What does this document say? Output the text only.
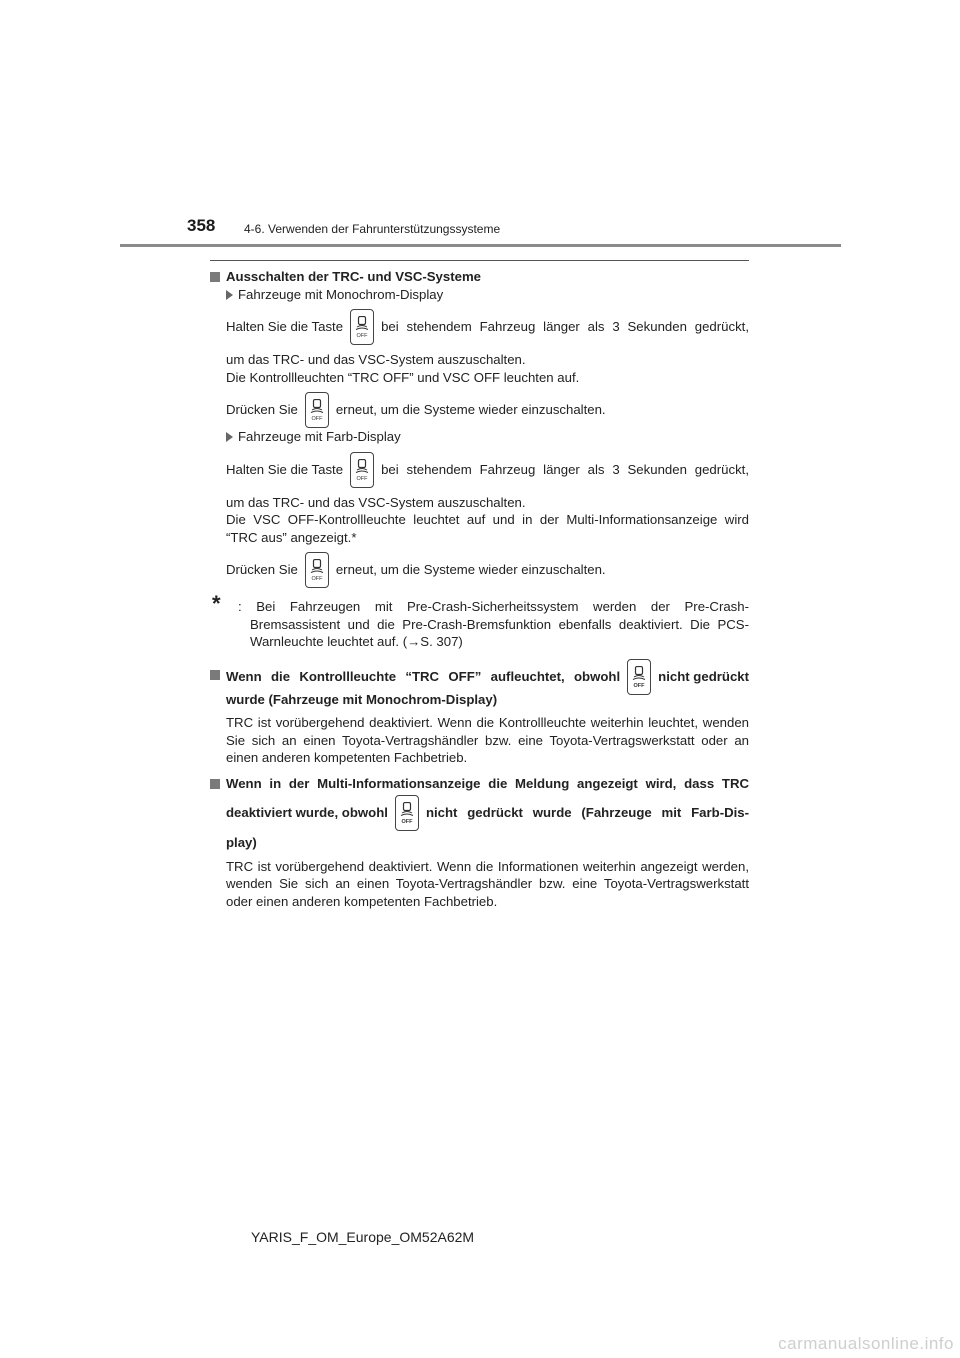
358 4-6. Verwenden der Fahrunterstützungssysteme

Ausschalten der TRC- und VSC-Systeme

Fahrzeuge mit Monochrom-Display

Halten Sie die Taste
OFF
bei stehendem Fahrzeug länger als 3 Sekunden gedrückt,

um das TRC- und das VSC-System auszuschalten.

Die Kontrollleuchten “TRC OFF” und VSC OFF leuchten auf.

Drücken Sie
OFF
erneut, um die Systeme wieder einzuschalten.

Fahrzeuge mit Farb-Display

Halten Sie die Taste
OFF
bei stehendem Fahrzeug länger als 3 Sekunden gedrückt,

um das TRC- und das VSC-System auszuschalten.

Die VSC OFF-Kontrollleuchte leuchtet auf und in der Multi-Informationsanzeige wird “TRC aus” angezeigt.*

Drücken Sie
OFF
erneut, um die Systeme wieder einzuschalten.
*	: Bei Fahrzeugen mit Pre-Crash-Sicherheitssystem werden der Pre-Crash-Bremsassistent und die Pre-Crash-Bremsfunktion ebenfalls deaktiviert. Die PCS-Warnleuchte leuchtet auf. (→S. 307)

Wenn die Kontrollleuchte “TRC OFF” aufleuchtet, obwohl
OFF
nicht gedrückt
wurde (Fahrzeuge mit Monochrom-Display)

TRC ist vorübergehend deaktiviert. Wenn die Kontrollleuchte weiterhin leuchtet, wenden Sie sich an einen Toyota-Vertragshändler bzw. eine Toyota-Vertragswerkstatt oder an einen anderen kompetenten Fachbetrieb.

Wenn in der Multi-Informationsanzeige die Meldung angezeigt wird, dass TRC
deaktiviert wurde, obwohl
OFF
nicht gedrückt wurde (Fahrzeuge mit Farb-Dis-
play)

TRC ist vorübergehend deaktiviert. Wenn die Informationen weiterhin angezeigt werden, wenden Sie sich an einen Toyota-Vertragshändler bzw. eine Toyota-Vertragswerkstatt oder einen anderen kompetenten Fachbetrieb.

YARIS_F_OM_Europe_OM52A62M
carmanualsonline.info
